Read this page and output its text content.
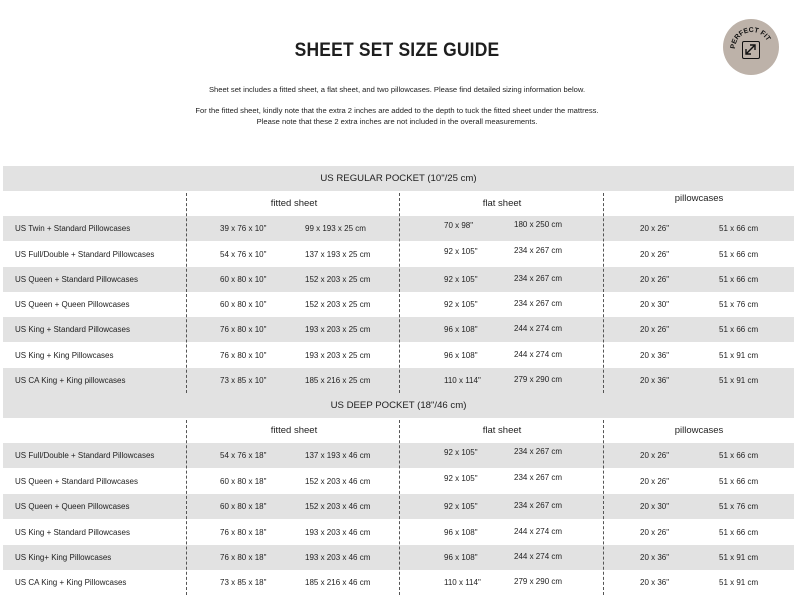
SHEET SET SIZE GUIDE
Sheet set includes a fitted sheet, a flat sheet, and two pillowcases. Please find detailed sizing information below.
For the fitted sheet, kindly note that the extra 2 inches are added to the depth to tuck the fitted sheet under the mattress.
Please note that these 2 extra inches are not included in the overall measurements.
PERFECT FIT
US REGULAR POCKET (10"/25 cm)
fitted sheet	flat sheet	pillowcases
US Twin + Standard Pillowcases	39 x 76 x 10"	99 x 193 x 25 cm	70 x 98"	180 x 250 cm	20 x 26"	51 x 66 cm
US Full/Double + Standard Pillowcases	54 x 76 x 10"	137 x 193 x 25 cm	92 x 105"	234 x 267 cm	20 x 26"	51 x 66 cm
US Queen + Standard Pillowcases	60 x 80 x 10"	152 x 203 x 25 cm	92 x 105"	234 x 267 cm	20 x 26"	51 x 66 cm
US Queen + Queen Pillowcases	60 x 80 x 10"	152 x 203 x 25 cm	92 x 105"	234 x 267 cm	20 x 30"	51 x 76 cm
US King + Standard Pillowcases	76 x 80 x 10"	193 x 203 x 25 cm	96 x 108"	244 x 274 cm	20 x 26"	51 x 66 cm
US King + King Pillowcases	76 x 80 x 10"	193 x 203 x 25 cm	96 x 108"	244 x 274 cm	20 x 36"	51 x 91 cm
US CA King + King pillowcases	73 x 85 x 10"	185 x 216 x 25 cm	110 x 114"	279 x 290 cm	20 x 36"	51 x 91 cm
US DEEP POCKET (18"/46 cm)
fitted sheet	flat sheet	pillowcases
US Full/Double + Standard Pillowcases	54 x 76 x 18"	137 x 193 x 46 cm	92 x 105"	234 x 267 cm	20 x 26"	51 x 66 cm
US Queen + Standard Pillowcases	60 x 80 x 18"	152 x 203 x 46 cm	92 x 105"	234 x 267 cm	20 x 26"	51 x 66 cm
US Queen + Queen Pillowcases	60 x 80 x 18"	152 x 203 x 46 cm	92 x 105"	234 x 267 cm	20 x 30"	51 x 76 cm
US King + Standard Pillowcases	76 x 80 x 18"	193 x 203 x 46 cm	96 x 108"	244 x 274 cm	20 x 26"	51 x 66 cm
US King+ King Pillowcases	76 x 80 x 18"	193 x 203 x 46 cm	96 x 108"	244 x 274 cm	20 x 36"	51 x 91 cm
US CA King + King Pillowcases	73 x 85 x 18"	185 x 216 x 46 cm	110 x 114"	279 x 290 cm	20 x 36"	51 x 91 cm
